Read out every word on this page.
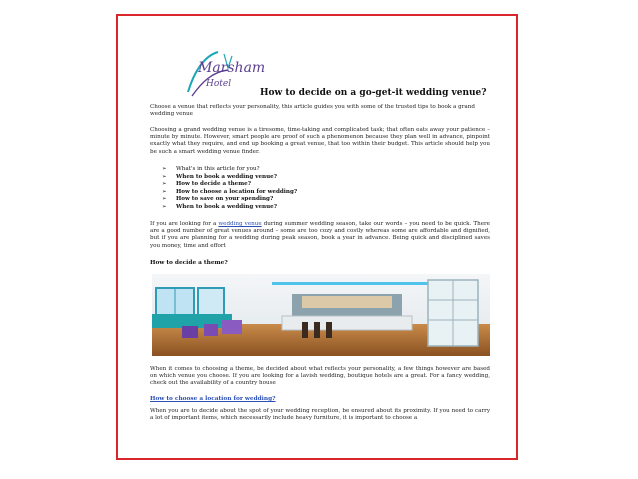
Marsham
Hotel
How to decide on a go-get-it wedding venue?

Choose a venue that reflects your personality, this article guides you with some of the trusted tips to book a grand wedding venue

Choosing a grand wedding venue is a tiresome, time-taking and complicated task; that often eats away your patience – minute by minute. However, smart people are proof of such a phenomenon because they plan well in advance, pinpoint exactly what they require, and end up booking a great venue, that too within their budget. This article should help you be such a smart wedding venue finder.

➢ What's in this article for you?
➢ When to book a wedding venue?
➢ How to decide a theme?
➢ How to choose a location for wedding?
➢ How to save on your spending?
➢ When to book a wedding venue?

If you are looking for a wedding venue during summer wedding season, take our words – you need to be quick. There are a good number of great venues around – some are too cozy and costly whereas some are affordable and dignified, but if you are planning for a wedding during peak season, book a year in advance. Being quick and disciplined saves you money, time and effort

How to decide a theme?

When it comes to choosing a theme, be decided about what reflects your personality, a few things however are based on which venue you choose. If you are looking for a lavish wedding, boutique hotels are a great. For a fancy wedding, check out the availability of a country house

How to choose a location for wedding?

When you are to decide about the spot of your wedding reception, be ensured about its proximity. If you need to carry a lot of important items, which necessarily include heavy furniture, it is important to choose a
